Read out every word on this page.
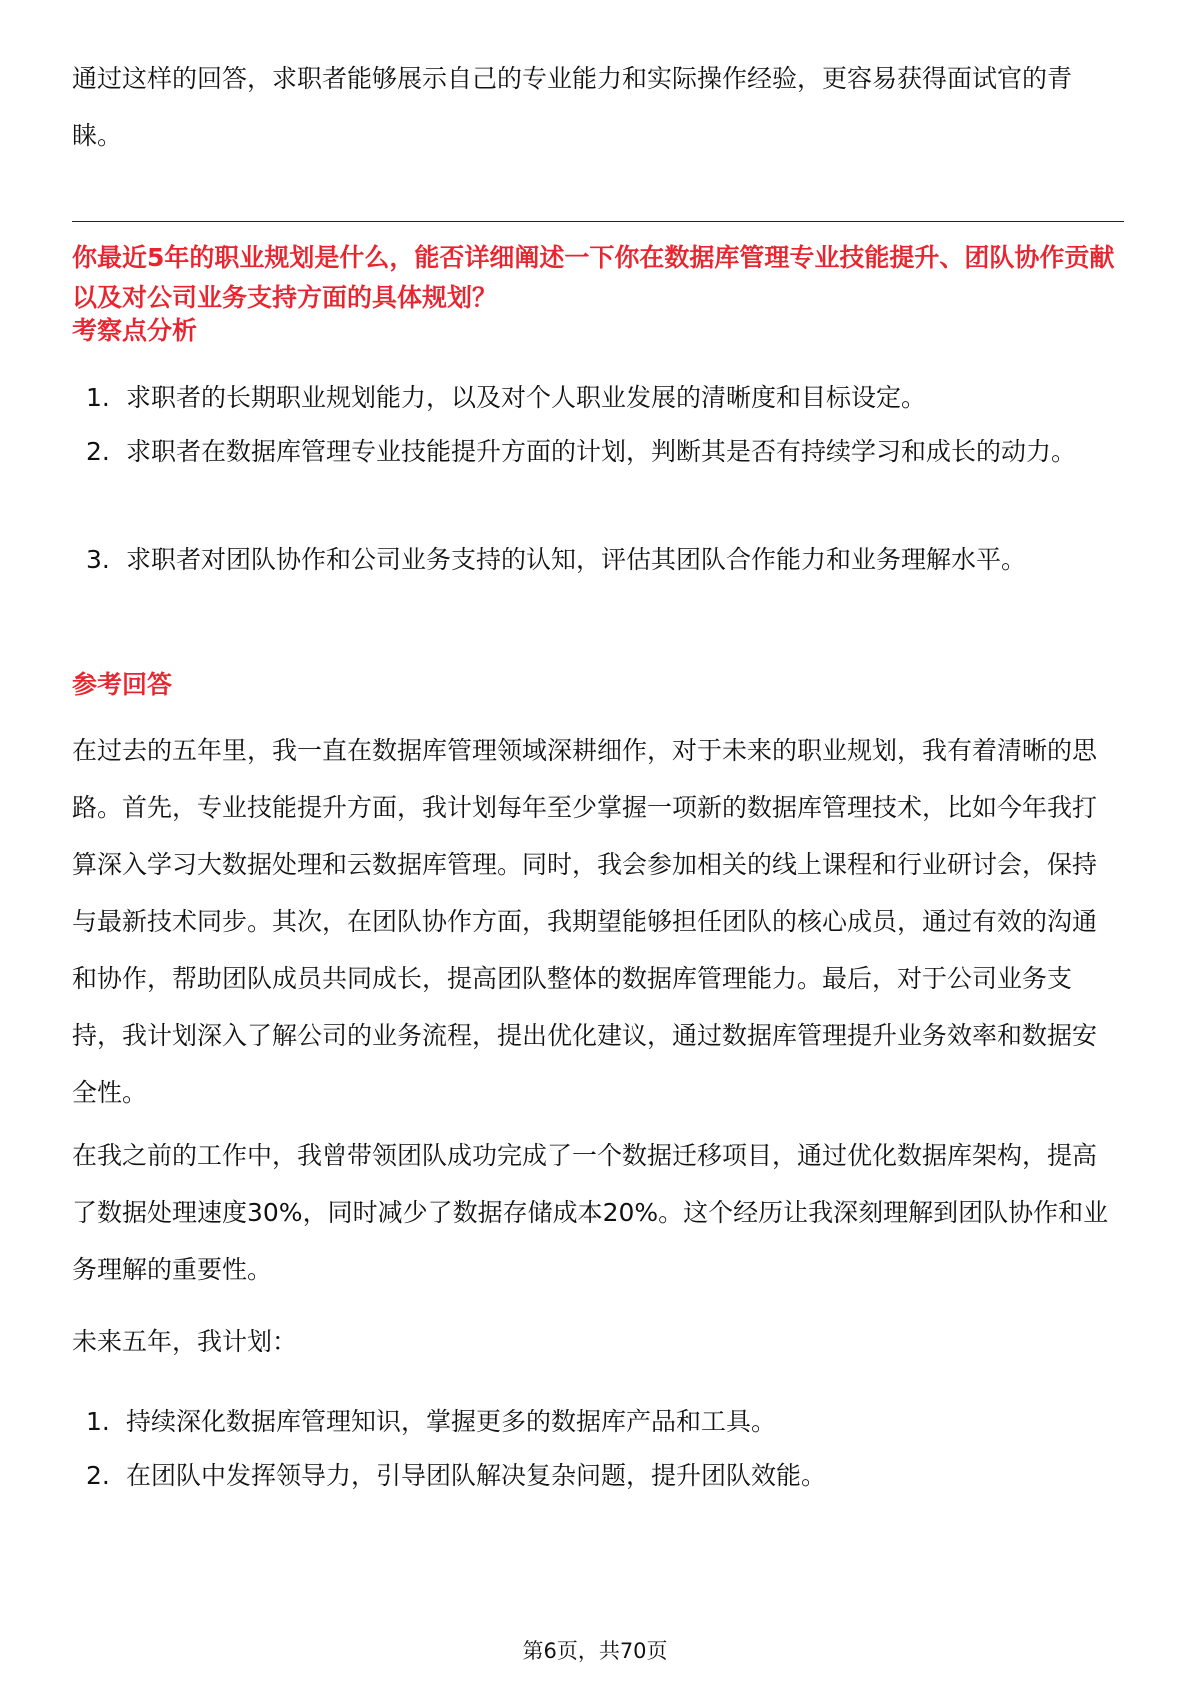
通过这样的回答，求职者能够展示自己的专业能力和实际操作经验，更容易获得面试官的青睐。

你最近5年的职业规划是什么，能否详细阐述一下你在数据库管理专业技能提升、团队协作贡献以及对公司业务支持方面的具体规划？

考察点分析

1. 求职者的长期职业规划能力，以及对个人职业发展的清晰度和目标设定。
2. 求职者在数据库管理专业技能提升方面的计划，判断其是否有持续学习和成长的动力。
3. 求职者对团队协作和公司业务支持的认知，评估其团队合作能力和业务理解水平。

参考回答

在过去的五年里，我一直在数据库管理领域深耕细作，对于未来的职业规划，我有着清晰的思路。首先，专业技能提升方面，我计划每年至少掌握一项新的数据库管理技术，比如今年我打算深入学习大数据处理和云数据库管理。同时，我会参加相关的线上课程和行业研讨会，保持与最新技术同步。其次，在团队协作方面，我期望能够担任团队的核心成员，通过有效的沟通和协作，帮助团队成员共同成长，提高团队整体的数据库管理能力。最后，对于公司业务支持，我计划深入了解公司的业务流程，提出优化建议，通过数据库管理提升业务效率和数据安全性。

在我之前的工作中，我曾带领团队成功完成了一个数据迁移项目，通过优化数据库架构，提高了数据处理速度30%，同时减少了数据存储成本20%。这个经历让我深刻理解到团队协作和业务理解的重要性。

未来五年，我计划：

1. 持续深化数据库管理知识，掌握更多的数据库产品和工具。
2. 在团队中发挥领导力，引导团队解决复杂问题，提升团队效能。
第6页，共70页
